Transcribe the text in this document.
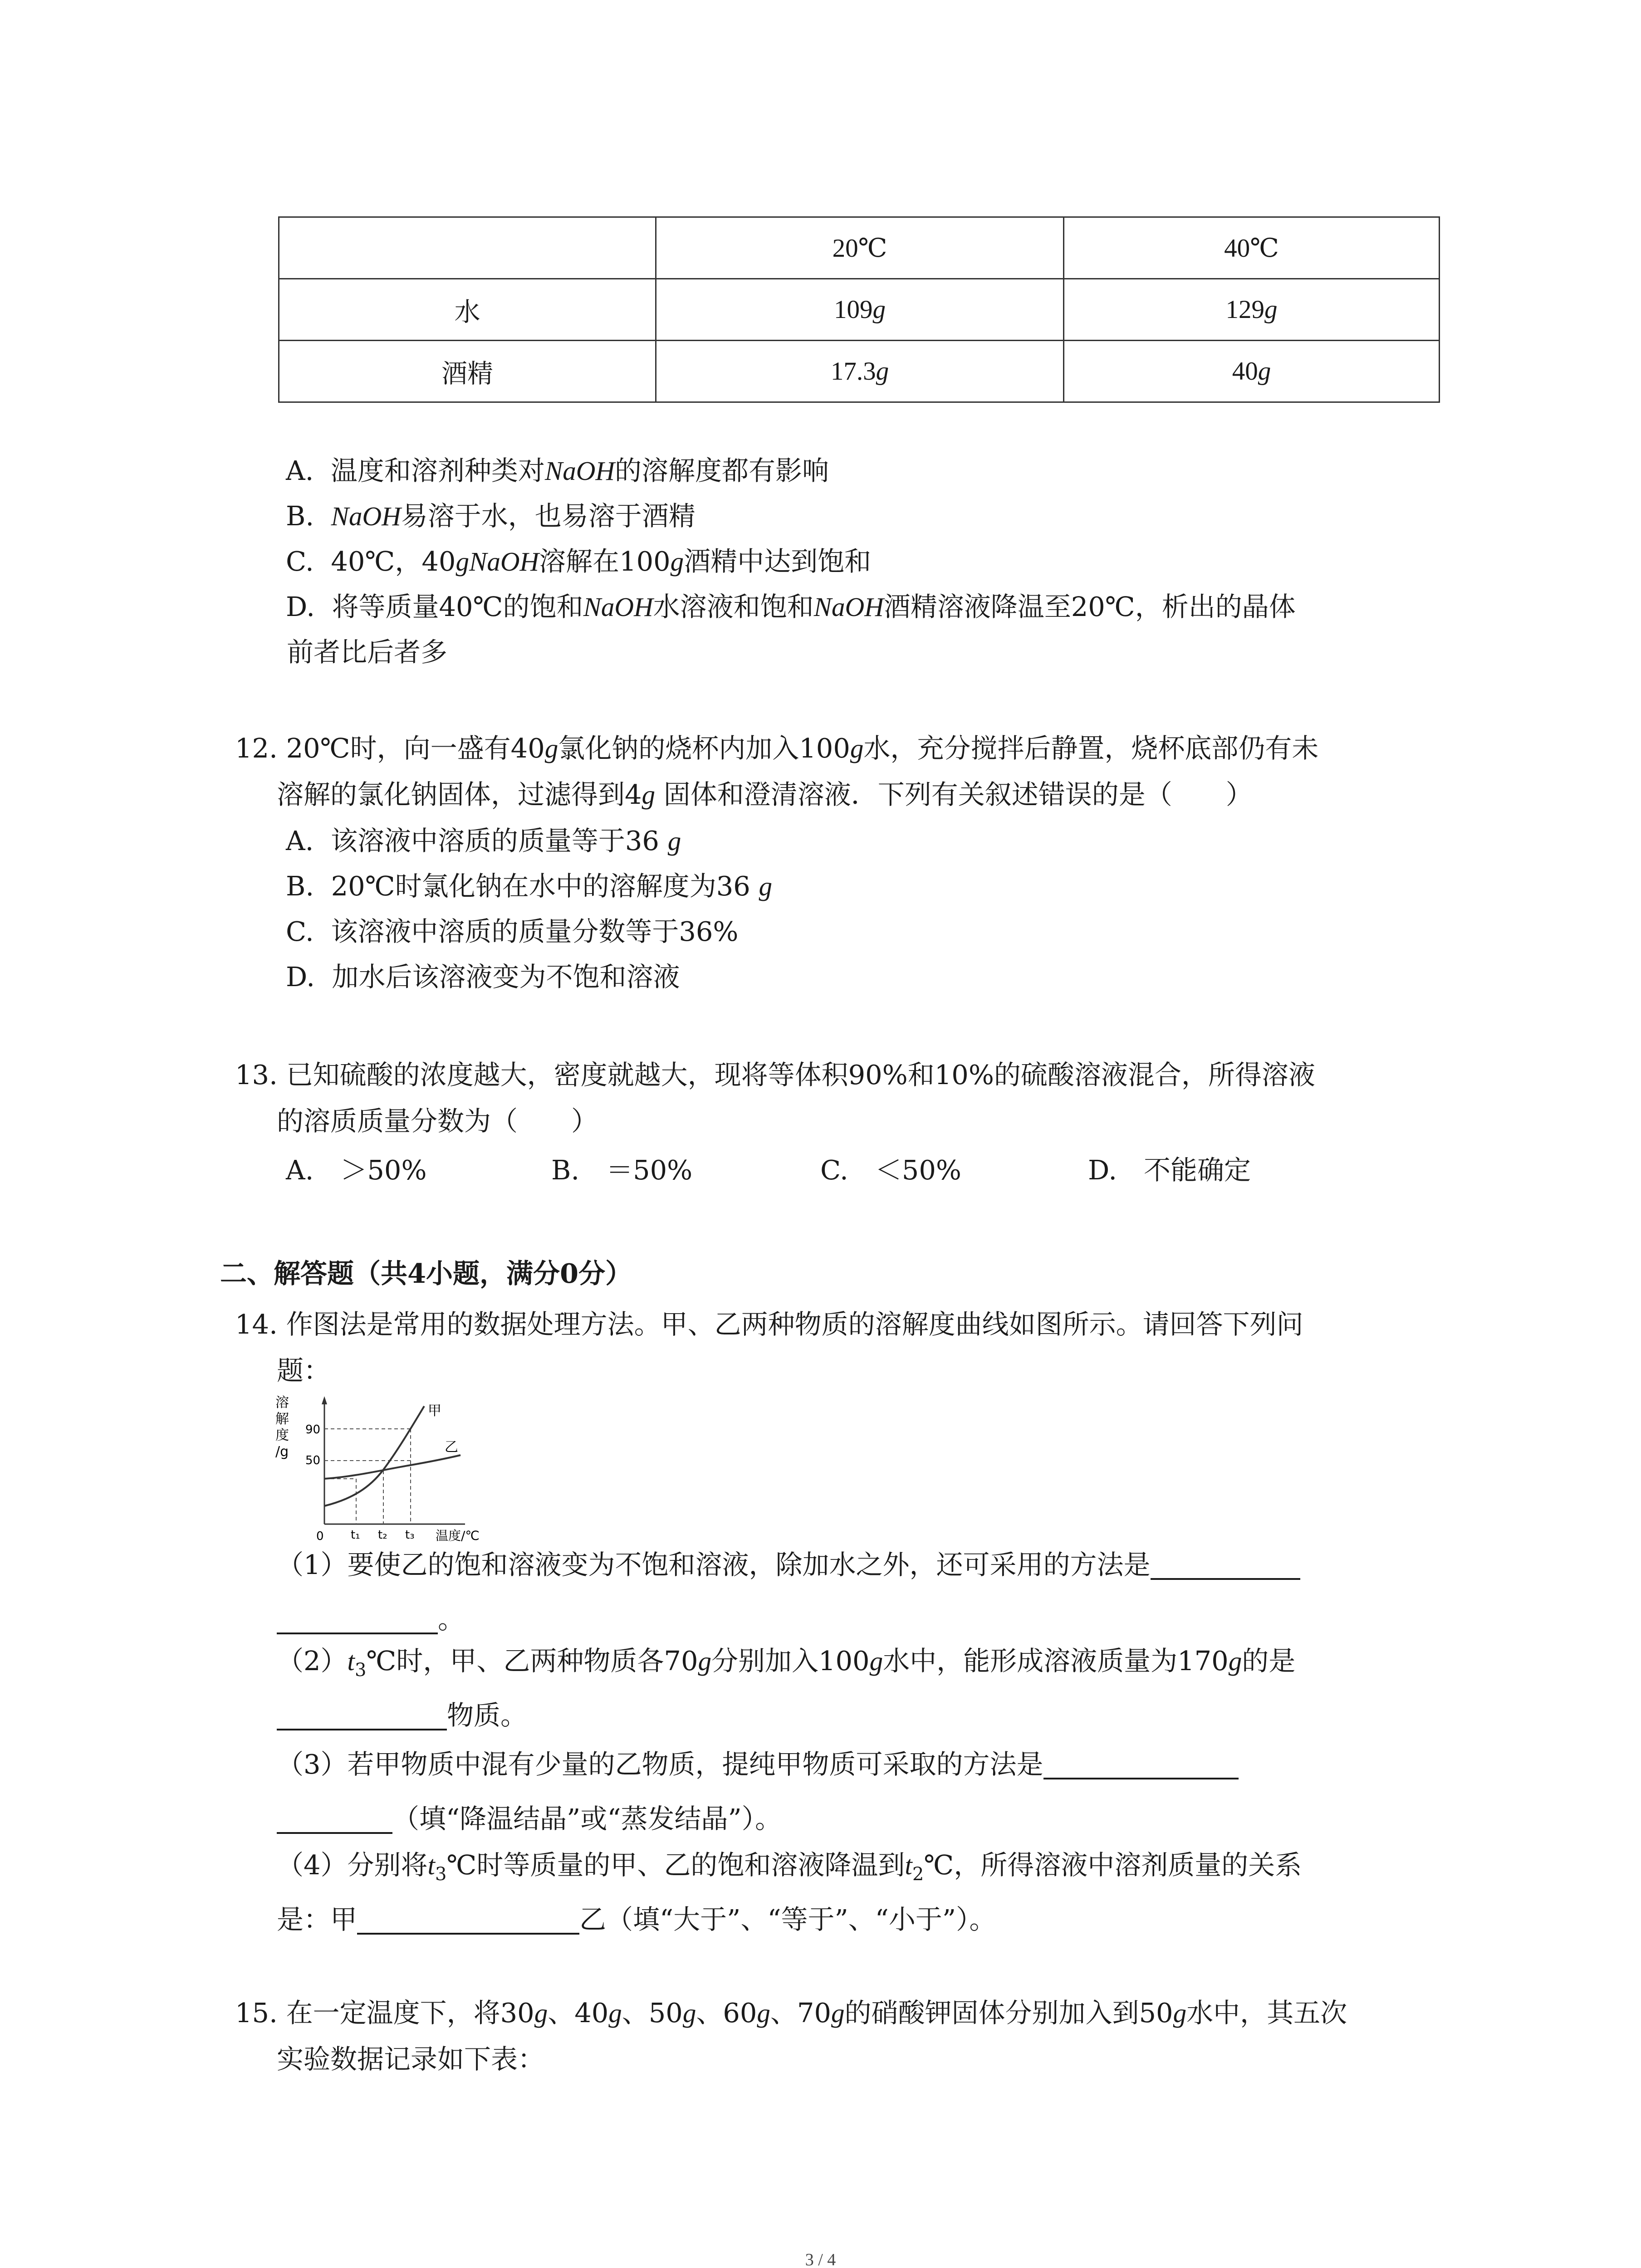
	20℃	40℃
水	109g	129g
酒精	17.3g	40g
A. 温度和溶剂种类对NaOH的溶解度都有影响
B. NaOH易溶于水，也易溶于酒精
C. 40℃，40gNaOH溶解在100g酒精中达到饱和
D. 将等质量40℃的饱和NaOH水溶液和饱和NaOH酒精溶液降温至20℃，析出的晶体
前者比后者多
12. 20℃时，向一盛有40g氯化钠的烧杯内加入100g水，充分搅拌后静置，烧杯底部仍有未
溶解的氯化钠固体，过滤得到4g 固体和澄清溶液．下列有关叙述错误的是（　　）
A. 该溶液中溶质的质量等于36 g
B. 20℃时氯化钠在水中的溶解度为36 g
C. 该溶液中溶质的质量分数等于36%
D. 加水后该溶液变为不饱和溶液
13. 已知硫酸的浓度越大，密度就越大，现将等体积90%和10%的硫酸溶液混合，所得溶液
的溶质质量分数为（　　）
A.　＞50%	B.　＝50%	C.　＜50%	D.　不能确定
二、解答题（共4小题，满分0分）
14. 作图法是常用的数据处理方法。甲、乙两种物质的溶解度曲线如图所示。请回答下列问
题：
溶
解
度
/g
90
50
0 t₁ t₂ t₃ 温度/℃
甲
乙
（1）要使乙的饱和溶液变为不饱和溶液，除加水之外，还可采用的方法是
。
$(2)t_3℃$时，甲、乙两种物质各70g分别加入100g水中，能形成溶液质量为170g的是
物质。
（3）若甲物质中混有少量的乙物质，提纯甲物质可采取的方法是
（填“降温结晶”或“蒸发结晶”）。
（4）分别将$t_3℃$时等质量的甲、乙的饱和溶液降温到$t_2℃$，所得溶液中溶剂质量的关系
是：甲	乙（填“大于”、“等于”、“小于”）。
15. 在一定温度下，将30g、40g、50g、60g、70g的硝酸钾固体分别加入到50g水中，其五次
实验数据记录如下表：
3 / 4
